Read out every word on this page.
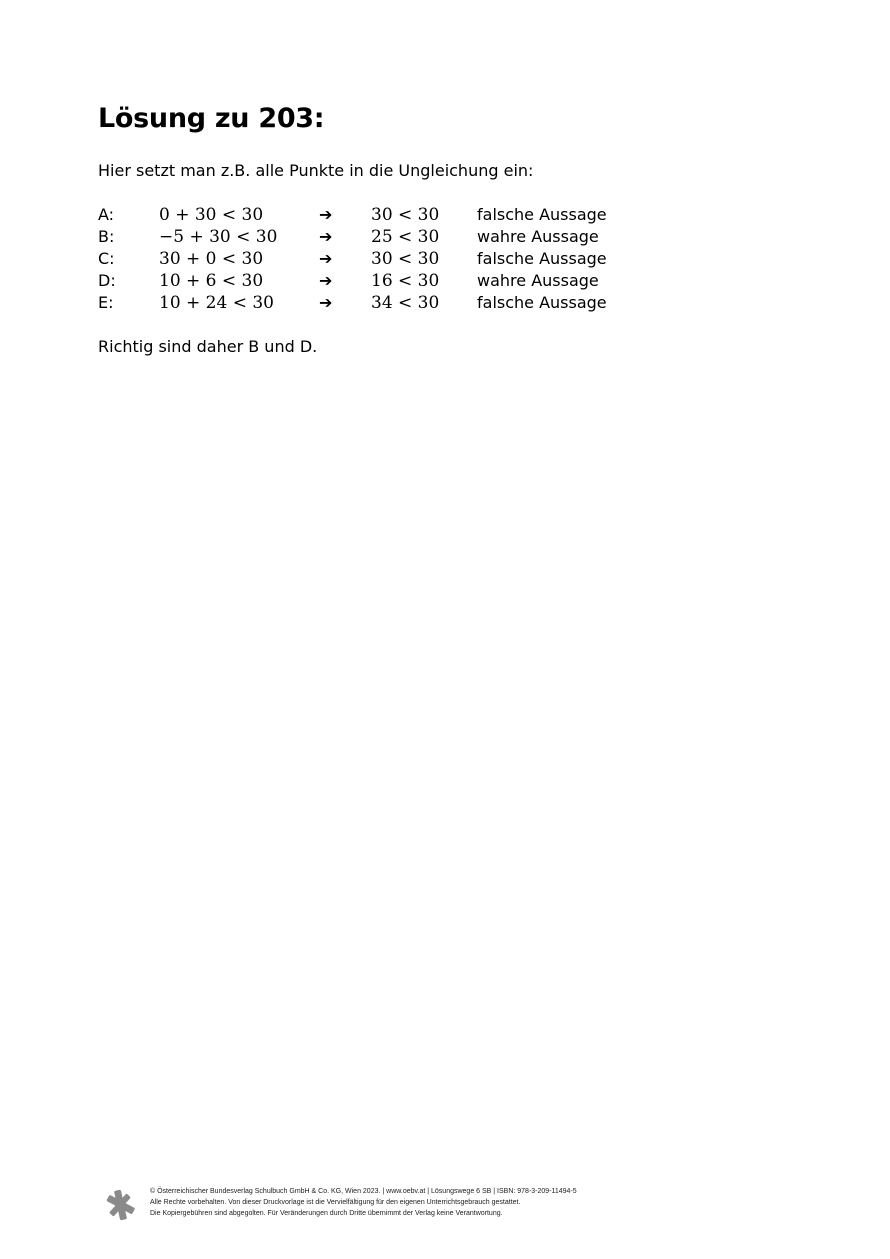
Lösung zu 203:
Hier setzt man z.B. alle Punkte in die Ungleichung ein:
A:	0 + 30 < 30	➔ 30 < 30 falsche Aussage
B:	−5 + 30 < 30	➔ 25 < 30 wahre Aussage
C:	30 + 0 < 30	➔ 30 < 30 falsche Aussage
D:	10 + 6 < 30	➔ 16 < 30 wahre Aussage
E:	10 + 24 < 30	➔ 34 < 30 falsche Aussage
Richtig sind daher B und D.
© Österreichischer Bundesverlag Schulbuch GmbH & Co. KG, Wien 2023. | www.oebv.at | Lösungswege 6 SB | ISBN: 978-3-209-11494-5
Alle Rechte vorbehalten. Von dieser Druckvorlage ist die Vervielfältigung für den eigenen Unterrichtsgebrauch gestattet.
Die Kopiergebühren sind abgegolten. Für Veränderungen durch Dritte übernimmt der Verlag keine Verantwortung.
